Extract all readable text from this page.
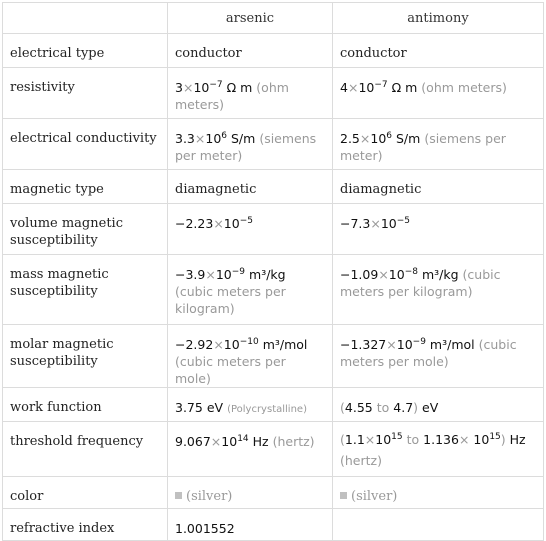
	arsenic	antimony
electrical type	conductor	conductor
resistivity	$3\times 10^{-7}$ Ω m (ohm meters)	$4\times 10^{-7}$ Ω m (ohm meters)
electrical conductivity	$3.3\times 10^6$ S/m (siemens per meter)	$2.5\times 10^6$ S/m (siemens per meter)
magnetic type	diamagnetic	diamagnetic
volume magnetic susceptibility	$-2.23\times 10^{-5}$	$-7.3\times 10^{-5}$
mass magnetic susceptibility	$-3.9\times 10^{-9}$ m³/kg (cubic meters per kilogram)	$-1.09\times 10^{-8}$ m³/kg (cubic meters per kilogram)
molar magnetic susceptibility	$-2.92\times 10^{-10}$ m³/mol (cubic meters per mole)	$-1.327\times 10^{-9}$ m³/mol (cubic meters per mole)
work function	3.75 eV (Polycrystalline)	(4.55 to 4.7) eV
threshold frequency	$9.067\times 10^{14}$ Hz (hertz)	($1.1\times 10^{15}$ to $1.136\times 10^{15}$) Hz (hertz)
color	(silver)	(silver)
refractive index	1.001552	
